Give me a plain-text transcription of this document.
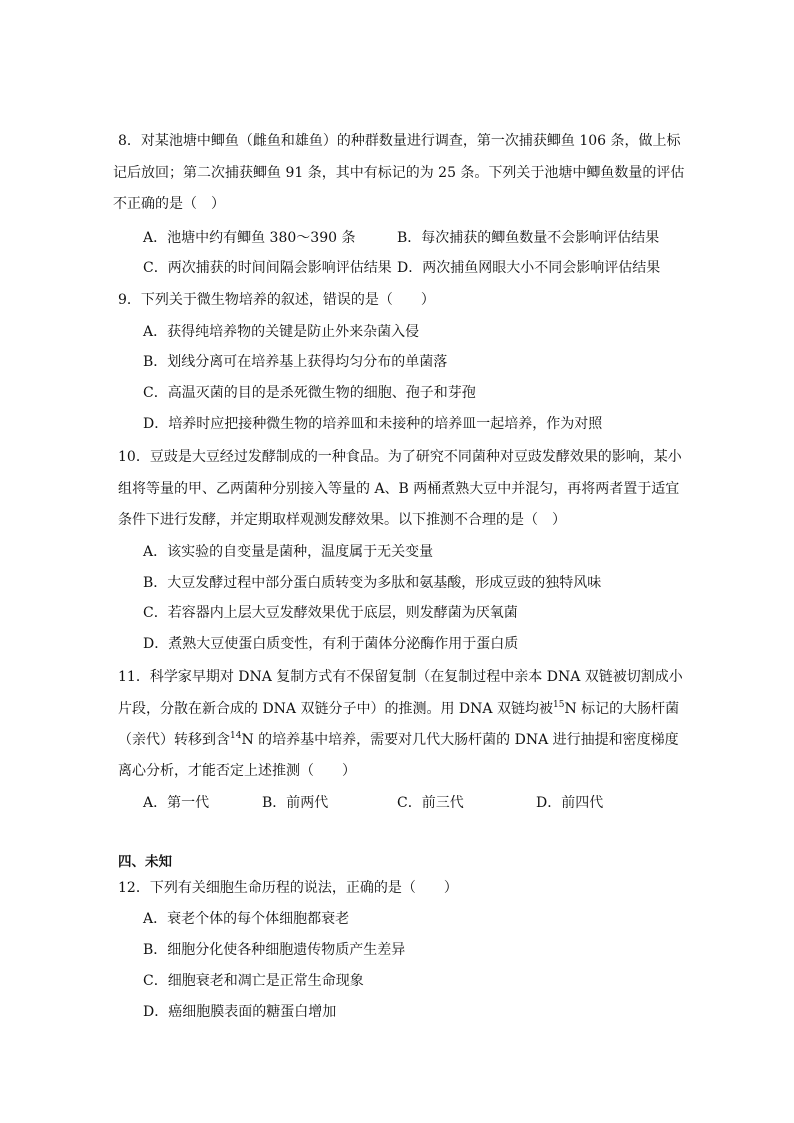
8．对某池塘中鲫鱼（雌鱼和雄鱼）的种群数量进行调查，第一次捕获鲫鱼 106 条，做上标
记后放回；第二次捕获鲫鱼 91 条，其中有标记的为 25 条。下列关于池塘中鲫鱼数量的评估
不正确的是（　）
A．池塘中约有鲫鱼 380～390 条	B．每次捕获的鲫鱼数量不会影响评估结果
C．两次捕获的时间间隔会影响评估结果 D．两次捕鱼网眼大小不同会影响评估结果
9．下列关于微生物培养的叙述，错误的是（　　）
A．获得纯培养物的关键是防止外来杂菌入侵
B．划线分离可在培养基上获得均匀分布的单菌落
C．高温灭菌的目的是杀死微生物的细胞、孢子和芽孢
D．培养时应把接种微生物的培养皿和未接种的培养皿一起培养，作为对照
10．豆豉是大豆经过发酵制成的一种食品。为了研究不同菌种对豆豉发酵效果的影响，某小
组将等量的甲、乙两菌种分别接入等量的 A、B 两桶煮熟大豆中并混匀，再将两者置于适宜
条件下进行发酵，并定期取样观测发酵效果。以下推测不合理的是（　）
A．该实验的自变量是菌种，温度属于无关变量
B．大豆发酵过程中部分蛋白质转变为多肽和氨基酸，形成豆豉的独特风味
C．若容器内上层大豆发酵效果优于底层，则发酵菌为厌氧菌
D．煮熟大豆使蛋白质变性，有利于菌体分泌酶作用于蛋白质
11．科学家早期对 DNA 复制方式有不保留复制（在复制过程中亲本 DNA 双链被切割成小
片段，分散在新合成的 DNA 双链分子中）的推测。用 DNA 双链均被$^{15}$N 标记的大肠杆菌
（亲代）转移到含$^{14}$N 的培养基中培养，需要对几代大肠杆菌的 DNA 进行抽提和密度梯度
离心分析，才能否定上述推测（　　）
A．第一代	B．前两代	C．前三代	D．前四代
四、未知
12．下列有关细胞生命历程的说法，正确的是（　　）
A．衰老个体的每个体细胞都衰老
B．细胞分化使各种细胞遗传物质产生差异
C．细胞衰老和凋亡是正常生命现象
D．癌细胞膜表面的糖蛋白增加
